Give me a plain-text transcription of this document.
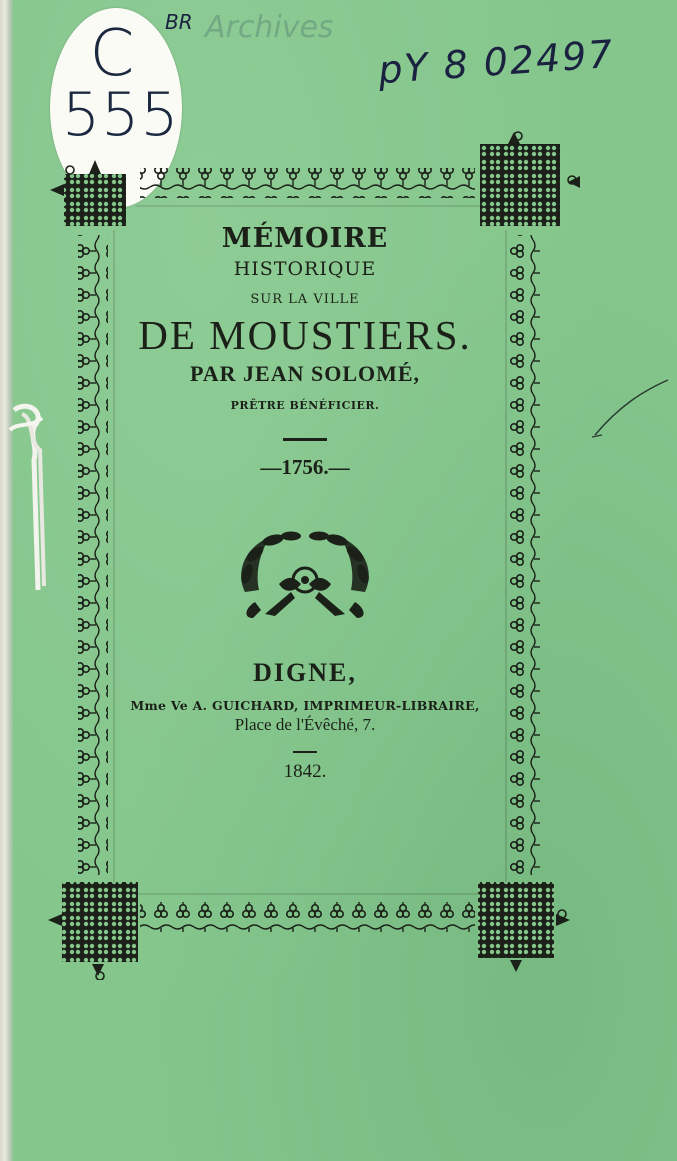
C
555
BR Archives
pY 8 02497
MÉMOIRE
HISTORIQUE
SUR LA VILLE
DE MOUSTIERS.
PAR JEAN SOLOMÉ,
PRÊTRE BÉNÉFICIER.
—1756.—
DIGNE,
Mme Ve A. GUICHARD, IMPRIMEUR-LIBRAIRE,
Place de l'Évêché, 7.
1842.
